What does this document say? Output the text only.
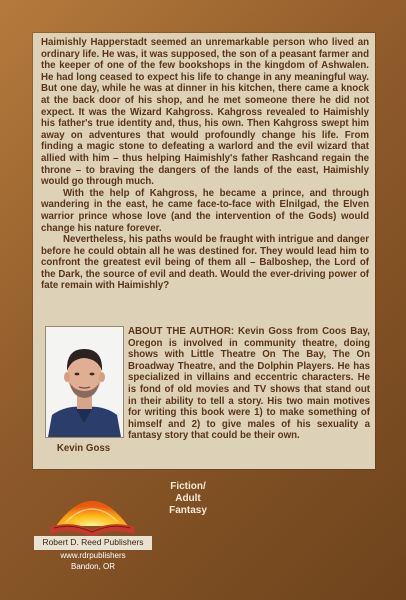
Haimishly Happerstadt seemed an unremarkable person who lived an ordinary life. He was, it was supposed, the son of a peasant farmer and the keeper of one of the few bookshops in the kingdom of Ashwalen. He had long ceased to expect his life to change in any meaningful way. But one day, while he was at dinner in his kitchen, there came a knock at the back door of his shop, and he met someone there he did not expect. It was the Wizard Kahgross. Kahgross revealed to Haimishly his father's true identity and, thus, his own. Then Kahgross swept him away on adventures that would profoundly change his life. From finding a magic stone to defeating a warlord and the evil wizard that allied with him – thus helping Haimishly's father Rashcand regain the throne – to braving the dangers of the lands of the east, Haimishly would go through much.

With the help of Kahgross, he became a prince, and through wandering in the east, he came face-to-face with Elnilgad, the Elven warrior prince whose love (and the intervention of the Gods) would change his nature forever.

Nevertheless, his paths would be fraught with intrigue and danger before he could obtain all he was destined for. They would lead him to confront the greatest evil being of them all – Balboshep, the Lord of the Dark, the source of evil and death. Would the ever-driving power of fate remain with Haimishly?

Kevin Goss
ABOUT THE AUTHOR: Kevin Goss from Coos Bay, Oregon is involved in community theatre, doing shows with Little Theatre On The Bay, The On Broadway Theatre, and the Dolphin Players. He has specialized in villains and eccentric characters. He is fond of old movies and TV shows that stand out in their ability to tell a story. His two main motives for writing this book were 1) to make something of himself and 2) to give males of his sexuality a fantasy story that could be their own.
Fiction/
Adult
Fantasy
Robert D. Reed Publishers
www.rdrpublishers
Bandon, OR
